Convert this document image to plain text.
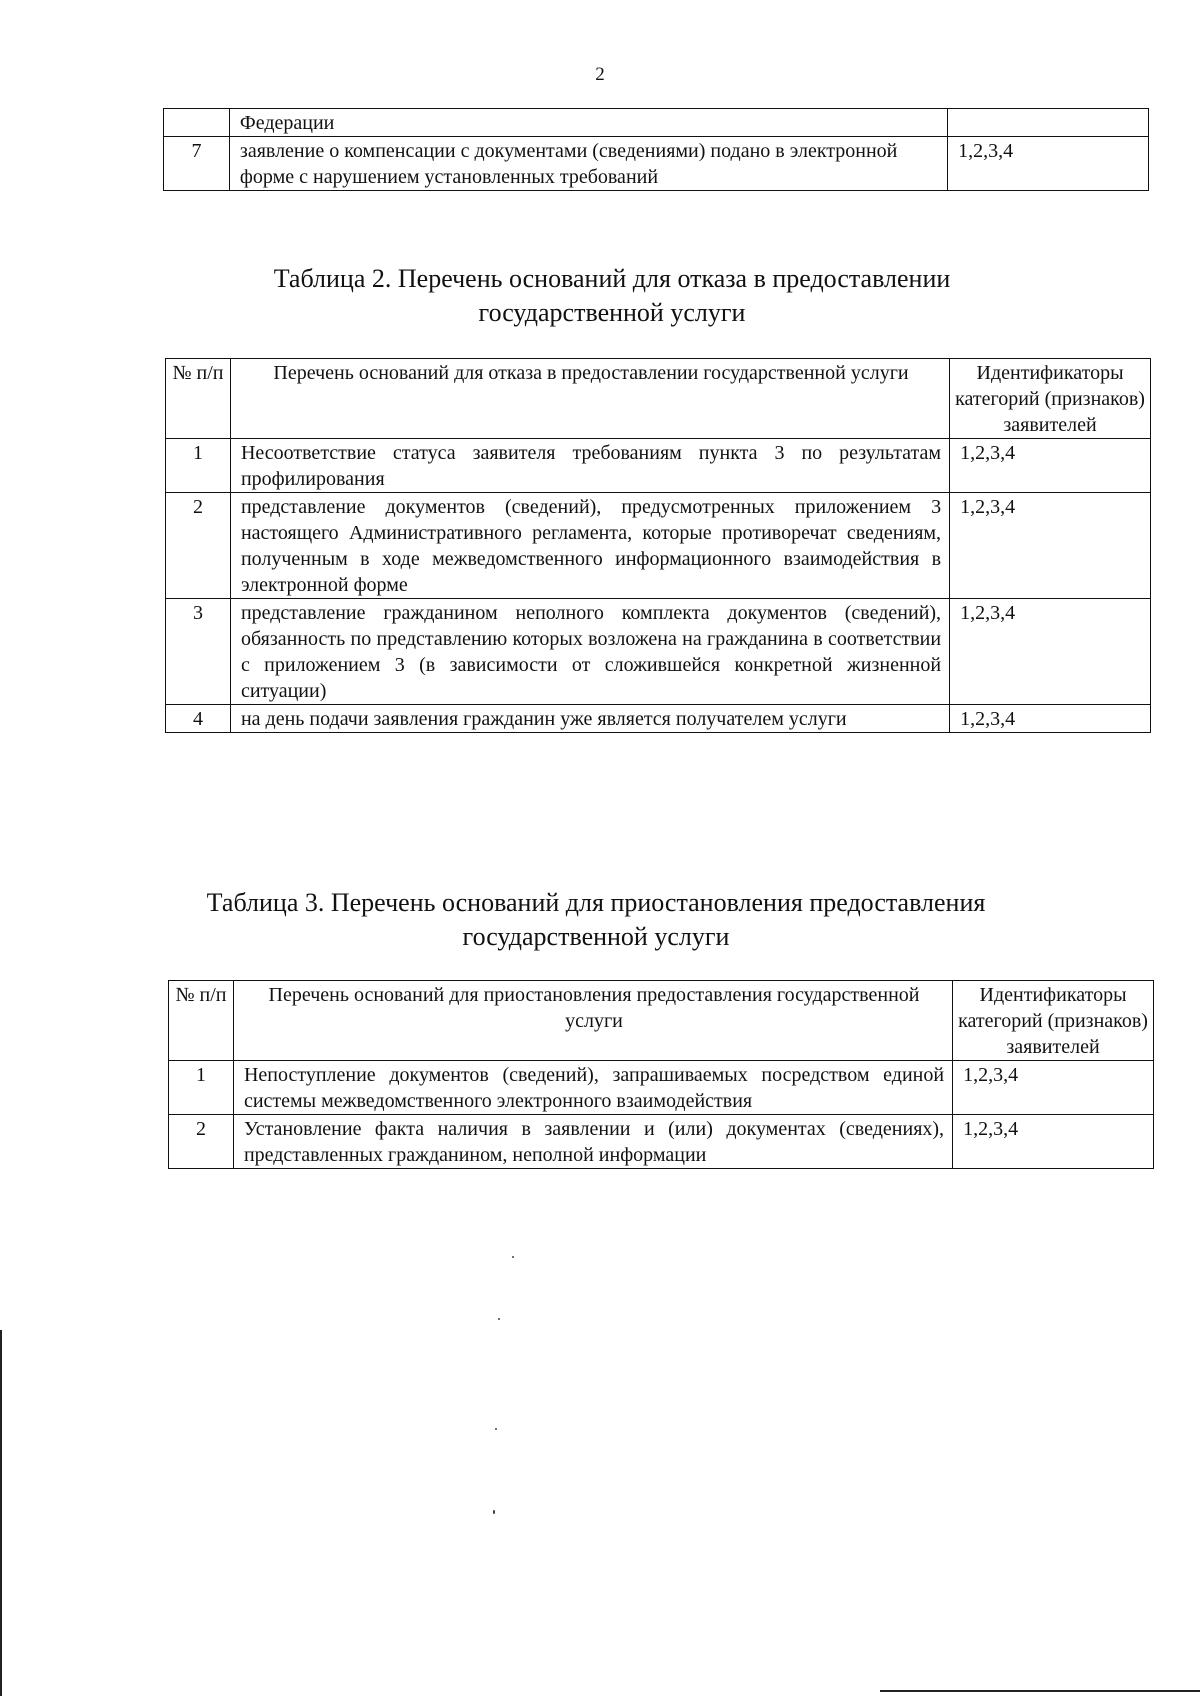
2
	Федерации	
7	заявление о компенсации с документами (сведениями) подано в электронной форме с нарушением установленных требований	1,2,3,4
Таблица 2. Перечень оснований для отказа в предоставлении
государственной услуги
№ п/п	Перечень оснований для отказа в предоставлении государственной услуги	Идентификаторы категорий (признаков) заявителей
1	Несоответствие статуса заявителя требованиям пункта 3 по результатам профилирования	1,2,3,4
2	представление документов (сведений), предусмотренных приложением 3 настоящего Административного регламента, которые противоречат сведениям, полученным в ходе межведомственного информационного взаимодействия в электронной форме	1,2,3,4
3	представление гражданином неполного комплекта документов (сведений), обязанность по представлению которых возложена на гражданина в соответствии с приложением 3 (в зависимости от сложившейся конкретной жизненной ситуации)	1,2,3,4
4	на день подачи заявления гражданин уже является получателем услуги	1,2,3,4
Таблица 3. Перечень оснований для приостановления предоставления
государственной услуги
№ п/п	Перечень оснований для приостановления предоставления государственной услуги	Идентификаторы категорий (признаков) заявителей
1	Непоступление документов (сведений), запрашиваемых посредством единой системы межведомственного электронного взаимодействия	1,2,3,4
2	Установление факта наличия в заявлении и (или) документах (сведениях), представленных гражданином, неполной информации	1,2,3,4
